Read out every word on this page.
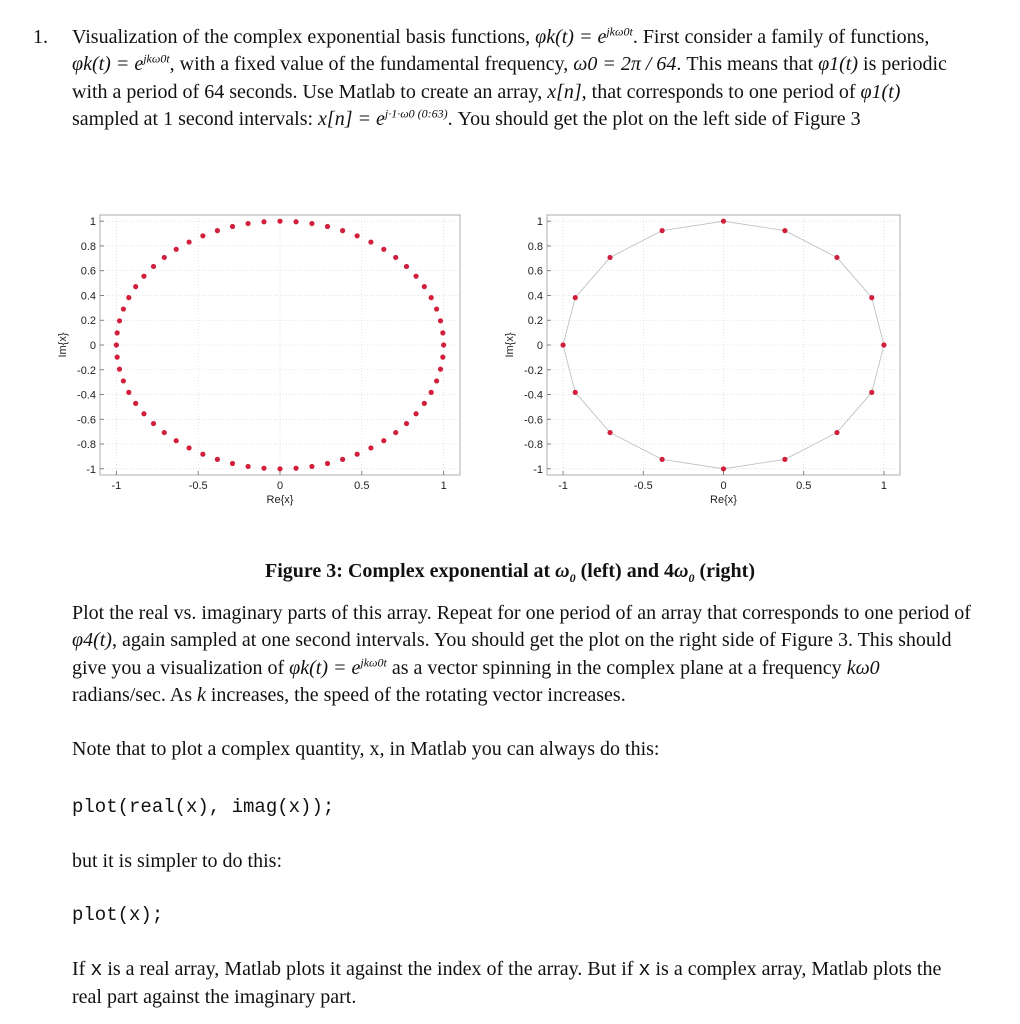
1. Visualization of the complex exponential basis functions, $\varphi k(t) = e^{jk\omega 0t}$. First consider a family of functions, $\varphi k(t) = e^{jk\omega 0t}$, with a fixed value of the fundamental frequency, ω0 = 2π / 64. This means that φ1(t) is periodic with a period of 64 seconds. Use Matlab to create an array, x[n], that corresponds to one period of φ1(t) sampled at 1 second intervals: $x[n] = e^{j\cdot 1\cdot\omega 0 (0:63)}$. You should get the plot on the left side of Figure 3
1
0.8
0.6
0.4
0.2
0
-0.2
-0.4
-0.6
-0.8
-1
-1	-0.5	0	0.5	1
Re{x}
Im{x}
1
0.8
0.6
0.4
0.2
0
-0.2
-0.4
-0.6
-0.8
-1
-1	-0.5	0	0.5	1
Re{x}
Im{x}
Figure 3: Complex exponential at $\omega_0$ (left) and $4\omega_0$ (right)
Plot the real vs. imaginary parts of this array. Repeat for one period of an array that corresponds to one period of φ4(t), again sampled at one second intervals. You should get the plot on the right side of Figure 3. This should give you a visualization of $\varphi k(t) = e^{jk\omega 0t}$ as a vector spinning in the complex plane at a frequency kω0 radians/sec. As k increases, the speed of the rotating vector increases.
Note that to plot a complex quantity, x, in Matlab you can always do this:
plot(real(x), imag(x));
but it is simpler to do this:
plot(x);
If x is a real array, Matlab plots it against the index of the array. But if x is a complex array, Matlab plots the real part against the imaginary part.
